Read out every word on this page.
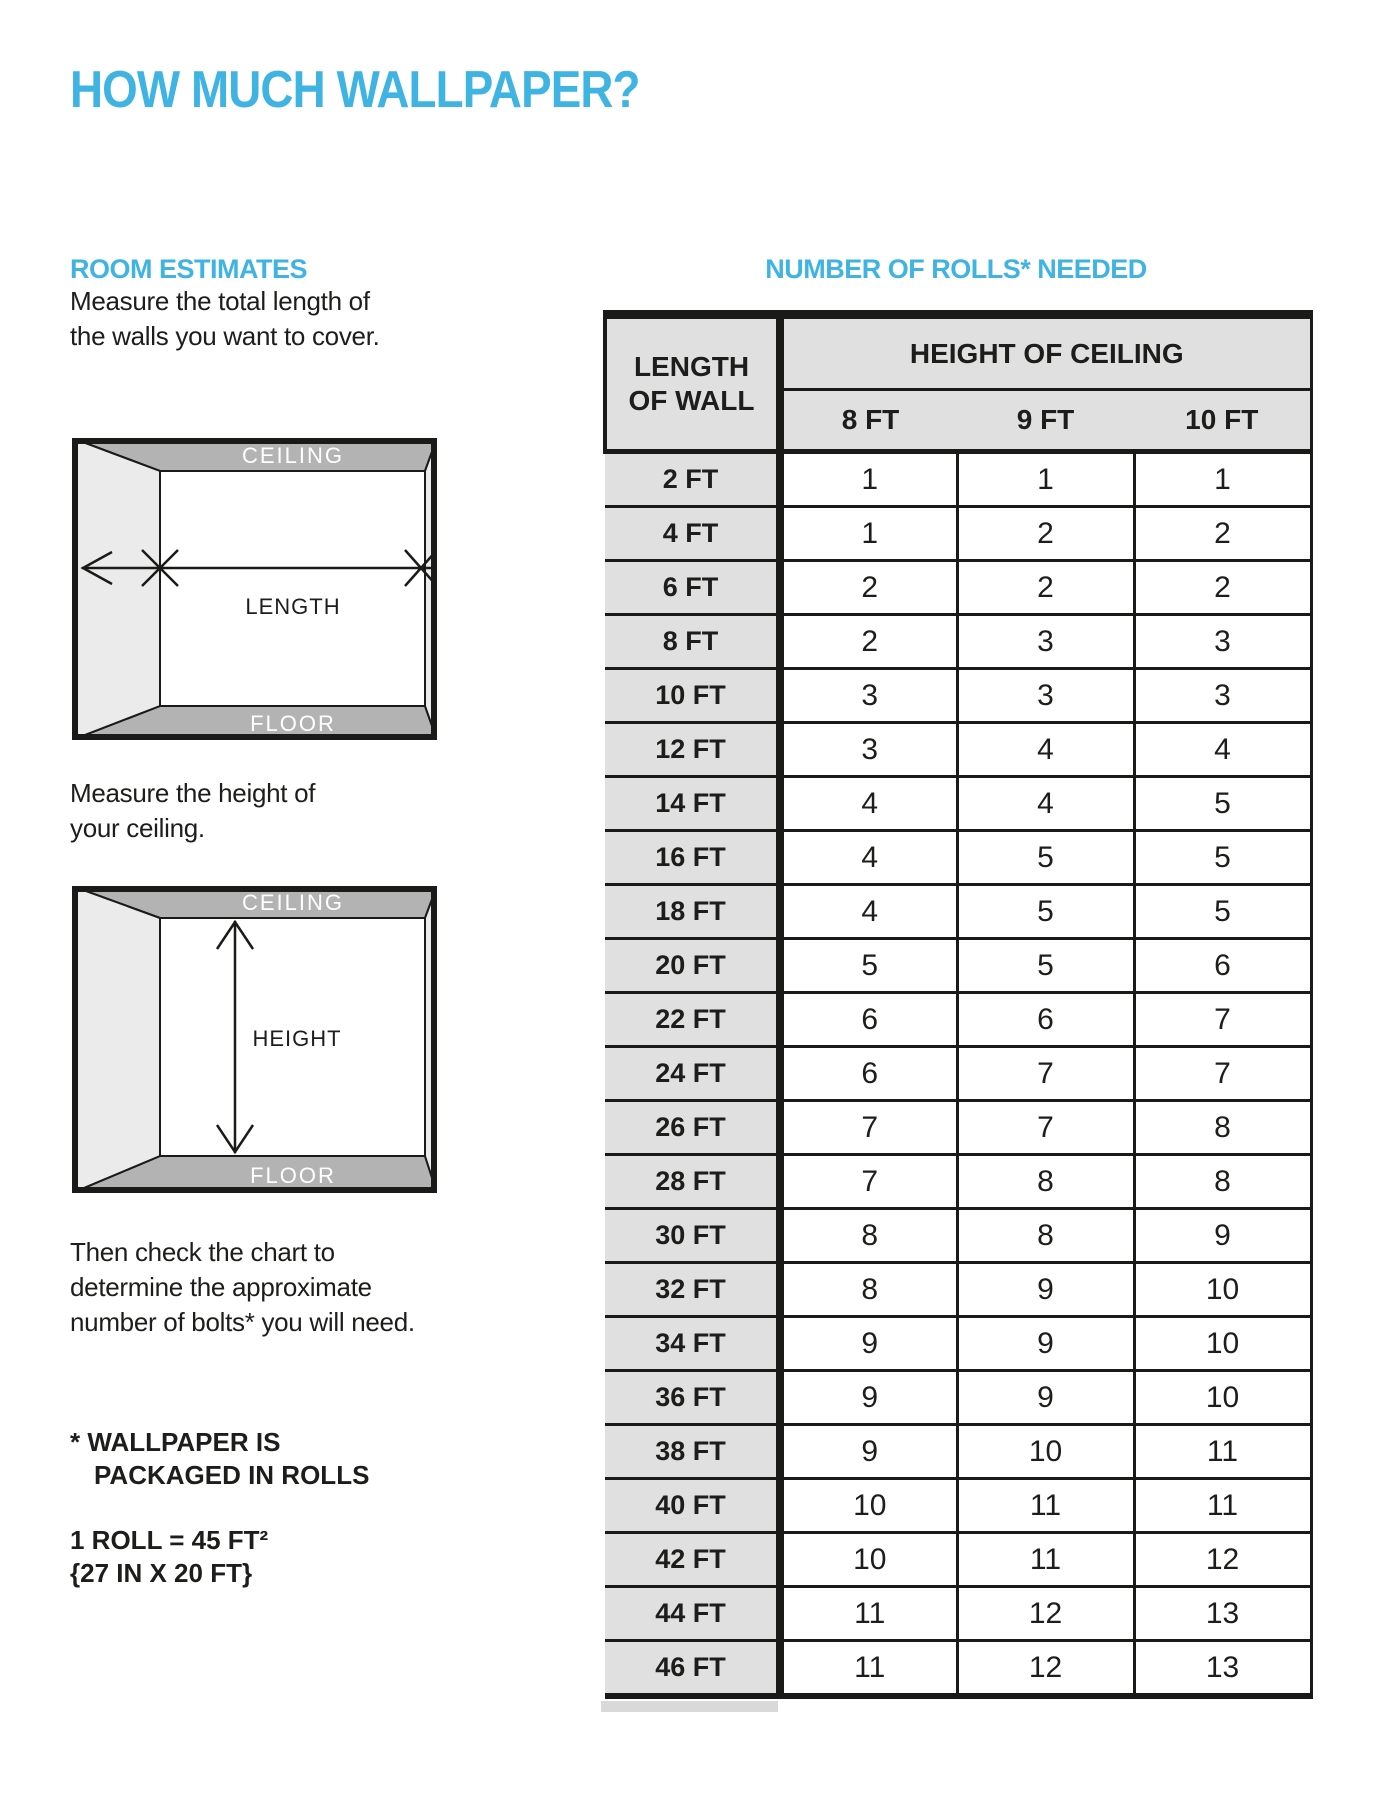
HOW MUCH WALLPAPER?
ROOM ESTIMATES
Measure the total length of
the walls you want to cover.
CEILING
LENGTH
FLOOR
Measure the height of
your ceiling.
CEILING
HEIGHT
FLOOR
Then check the chart to
determine the approximate
number of bolts* you will need.
* WALLPAPER IS
PACKAGED IN ROLLS
1 ROLL = 45 FT²
{27 IN X 20 FT}
NUMBER OF ROLLS* NEEDED
LENGTH
OF WALL	HEIGHT OF CEILING		
	8 FT	9 FT	10 FT
2 FT	1	1	1
4 FT	1	2	2
6 FT	2	2	2
8 FT	2	3	3
10 FT	3	3	3
12 FT	3	4	4
14 FT	4	4	5
16 FT	4	5	5
18 FT	4	5	5
20 FT	5	5	6
22 FT	6	6	7
24 FT	6	7	7
26 FT	7	7	8
28 FT	7	8	8
30 FT	8	8	9
32 FT	8	9	10
34 FT	9	9	10
36 FT	9	9	10
38 FT	9	10	11
40 FT	10	11	11
42 FT	10	11	12
44 FT	11	12	13
46 FT	11	12	13
